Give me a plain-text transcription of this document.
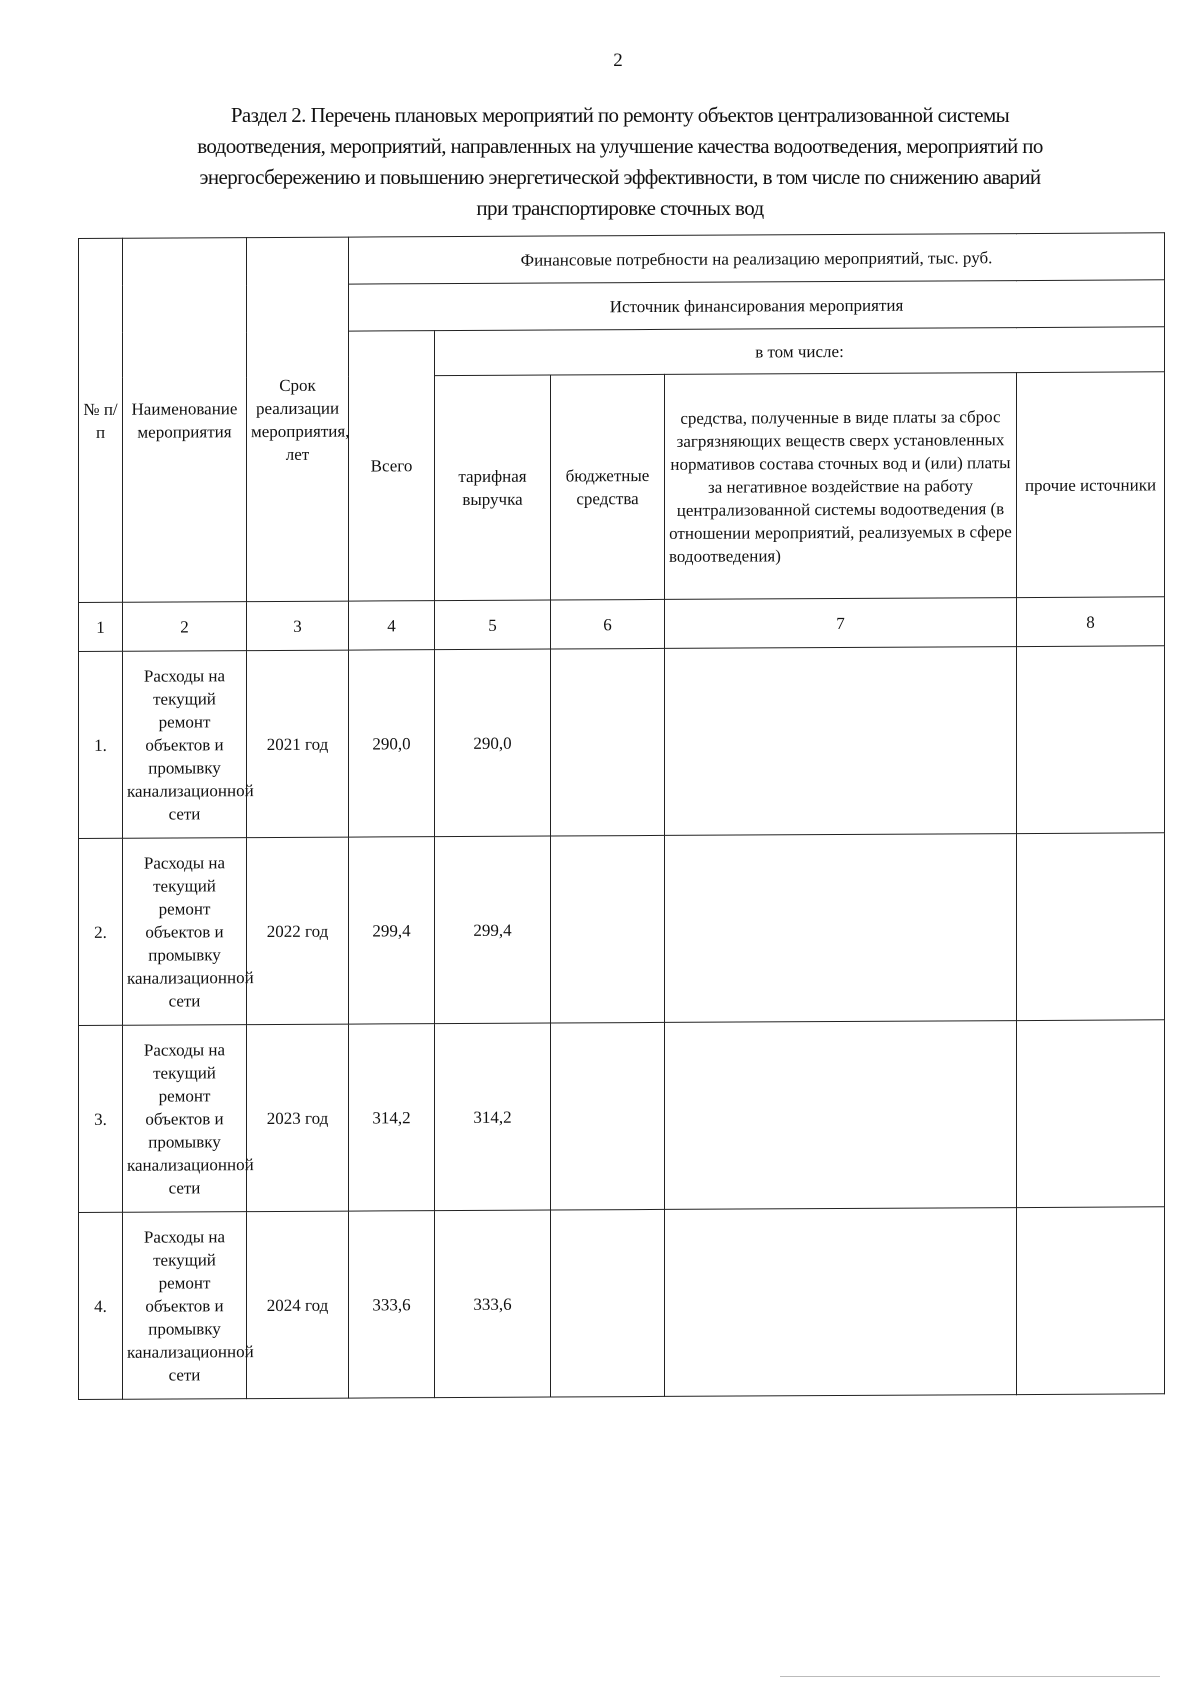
2
Раздел 2. Перечень плановых мероприятий по ремонту объектов централизованной системы
водоотведения, мероприятий, направленных на улучшение качества водоотведения, мероприятий по
энергосбережению и повышению энергетической эффективности, в том числе по снижению аварий
при транспортировке сточных вод
№ п/п	Наименование мероприятия	Срок реализации мероприятия, лет	Финансовые потребности на реализацию мероприятий, тыс. руб.				
			Источник финансирования мероприятия				
			Всего	в том числе:			
				тарифная выручка	бюджетные средства	средства, полученные в виде платы за сброс загрязняющих веществ сверх установленных нормативов состава сточных вод и (или) платы за негативное воздействие на работу централизованной системы водоотведения (в отношении мероприятий, реализуемых в сфере водоотведения)	прочие источники
1	2	3	4	5	6	7	8
1.	Расходы на текущий ремонт объектов и промывку канализационной сети	2021 год	290,0	290,0			
2.	Расходы на текущий ремонт объектов и промывку канализационной сети	2022 год	299,4	299,4			
3.	Расходы на текущий ремонт объектов и промывку канализационной сети	2023 год	314,2	314,2			
4.	Расходы на текущий ремонт объектов и промывку канализационной сети	2024 год	333,6	333,6			
